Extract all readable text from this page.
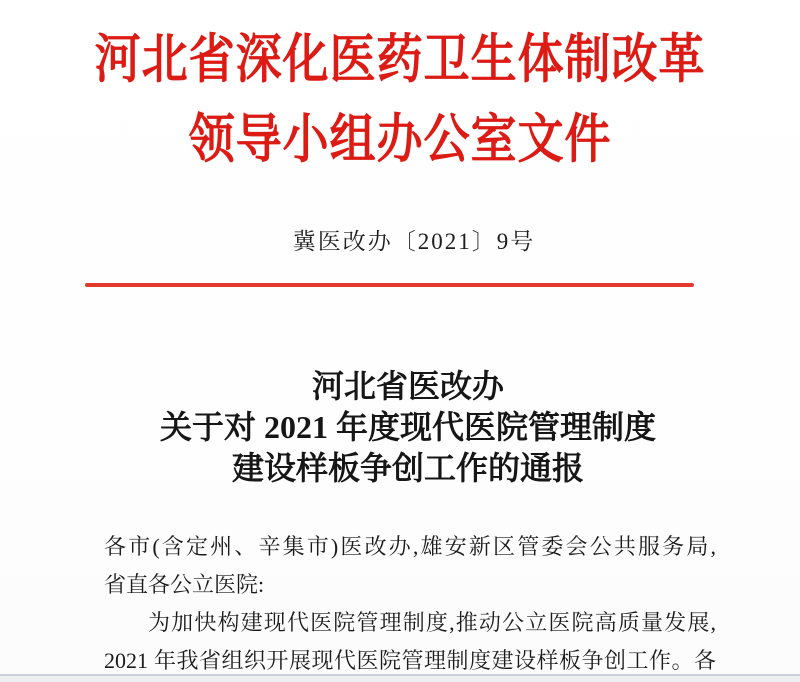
河北省深化医药卫生体制改革
领导小组办公室文件
冀医改办〔2021〕9号
河北省医改办
关于对 2021 年度现代医院管理制度
建设样板争创工作的通报
各市(含定州、辛集市)医改办,雄安新区管委会公共服务局,
省直各公立医院:
为加快构建现代医院管理制度,推动公立医院高质量发展,
2021 年我省组织开展现代医院管理制度建设样板争创工作。各
